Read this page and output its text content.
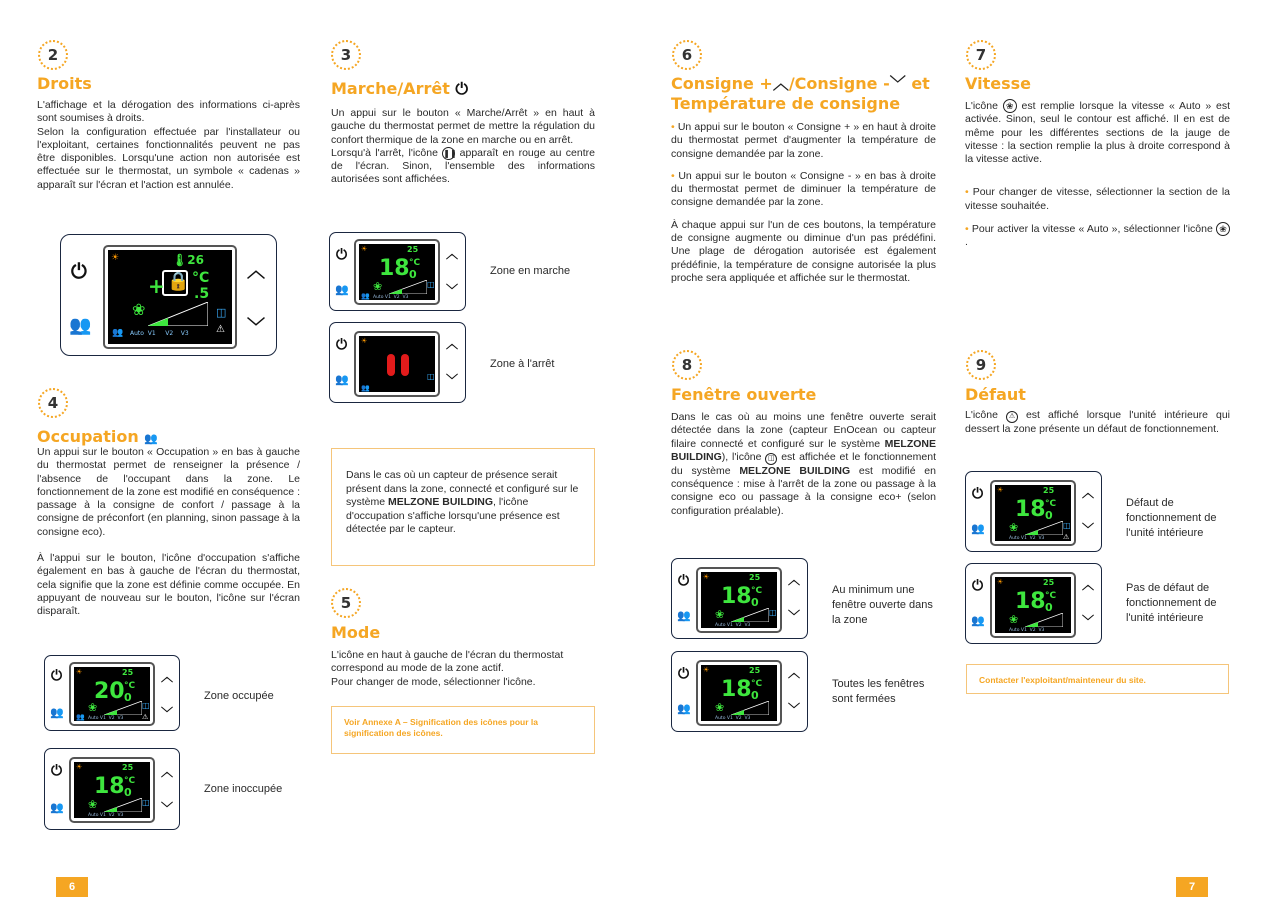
2
Droits
L'affichage et la dérogation des informations ci-après sont soumises à droits.
Selon la configuration effectuée par l'installateur ou l'exploitant, certaines fonctionnalités peuvent ne pas être disponibles. Lorsqu'une action non autorisée est effectuée sur le thermostat, un symbole « cadenas » apparaît sur l'écran et l'action est annulée.
⏻
👥
︿
﹀
☀	🌡26
🔒
+ °C
.5
❀
Auto V1 V2 V3
◫
⚠
👥
4
Occupation 👥
Un appui sur le bouton « Occupation » en bas à gauche du thermostat permet de renseigner la présence / l'absence de l'occupant dans la zone. Le fonctionnement de la zone est modifié en conséquence : passage à la consigne de confort / passage à la consigne de préconfort (en planning, sinon passage à la consigne eco).
À l'appui sur le bouton, l'icône d'occupation s'affiche également en bas à gauche de l'écran du thermostat, cela signifie que la zone est définie comme occupée. En appuyant de nouveau sur le bouton, l'icône sur l'écran disparaît.
⏻
👥
︿
﹀
☀	25
20 °C
0
❀
Auto V1  V2  V3
◫
⚠
👥
Zone occupée
⏻
👥
︿
﹀
☀	25
18 °C
0
❀
Auto V1  V2  V3
◫
Zone inoccupée
3
Marche/Arrêt ⏻
Un appui sur le bouton « Marche/Arrêt » en haut à gauche du thermostat permet de mettre la régulation du confort thermique de la zone en marche ou en arrêt.
Lorsqu'à l'arrêt, l'icône ❚❚ apparaît en rouge au centre de l'écran. Sinon, l'ensemble des informations autorisées sont affichées.
⏻
👥
︿
﹀
☀	25
18 °C
0
❀
Auto V1  V2  V3
◫
👥
Zone en marche
⏻
👥
︿
﹀
☀
◫
👥
Zone à l'arrêt
Dans le cas où un capteur de présence serait présent dans la zone, connecté et configuré sur le système MELZONE BUILDING, l'icône d'occupation s'affiche lorsqu'une présence est détectée par le capteur.
5
Mode
L'icône en haut à gauche de l'écran du thermostat correspond au mode de la zone actif.
Pour changer de mode, sélectionner l'icône.
Voir Annexe A – Signification des icônes pour la signification des icônes.
6
Consigne +︿/Consigne -﹀ et
Température de consigne
• Un appui sur le bouton « Consigne + » en haut à droite du thermostat permet d'augmenter la température de consigne demandée par la zone.
• Un appui sur le bouton « Consigne - » en bas à droite du thermostat permet de diminuer la température de consigne demandée par la zone.
À chaque appui sur l'un de ces boutons, la température de consigne augmente ou diminue d'un pas prédéfini. Une plage de dérogation autorisée est également prédéfinie, la température de consigne autorisée la plus proche sera appliquée et affichée sur le thermostat.
8
Fenêtre ouverte
Dans le cas où au moins une fenêtre ouverte serait détectée dans la zone (capteur EnOcean ou capteur filaire connecté et configuré sur le système MELZONE BUILDING), l'icône ◫ est affichée et le fonctionnement du système MELZONE BUILDING est modifié en conséquence : mise à l'arrêt de la zone ou passage à la consigne eco ou passage à la consigne eco+ (selon configuration préalable).
⏻
👥
︿
﹀
☀	25
18 °C
0
❀
Auto V1  V2  V3
◫
Au minimum une fenêtre ouverte dans la zone
⏻
👥
︿
﹀
☀	25
18 °C
0
❀
Auto V1  V2  V3
Toutes les fenêtres sont fermées
7
Vitesse
L'icône ❀ est remplie lorsque la vitesse « Auto » est activée. Sinon, seul le contour est affiché. Il en est de même pour les différentes sections de la jauge de vitesse : la section remplie la plus à droite correspond à la vitesse active.
• Pour changer de vitesse, sélectionner la section de la vitesse souhaitée.
• Pour activer la vitesse « Auto », sélectionner l'icône ❀.
9
Défaut
L'icône ⚠ est affiché lorsque l'unité intérieure qui dessert la zone présente un défaut de fonctionnement.
⏻
👥
︿
﹀
☀	25
18 °C
0
❀
Auto V1  V2  V3
◫
⚠
Défaut de fonctionnement de l'unité intérieure
⏻
👥
︿
﹀
☀	25
18 °C
0
❀
Auto V1  V2  V3
Pas de défaut de fonctionnement de l'unité intérieure
Contacter l'exploitant/mainteneur du site.
6	7
